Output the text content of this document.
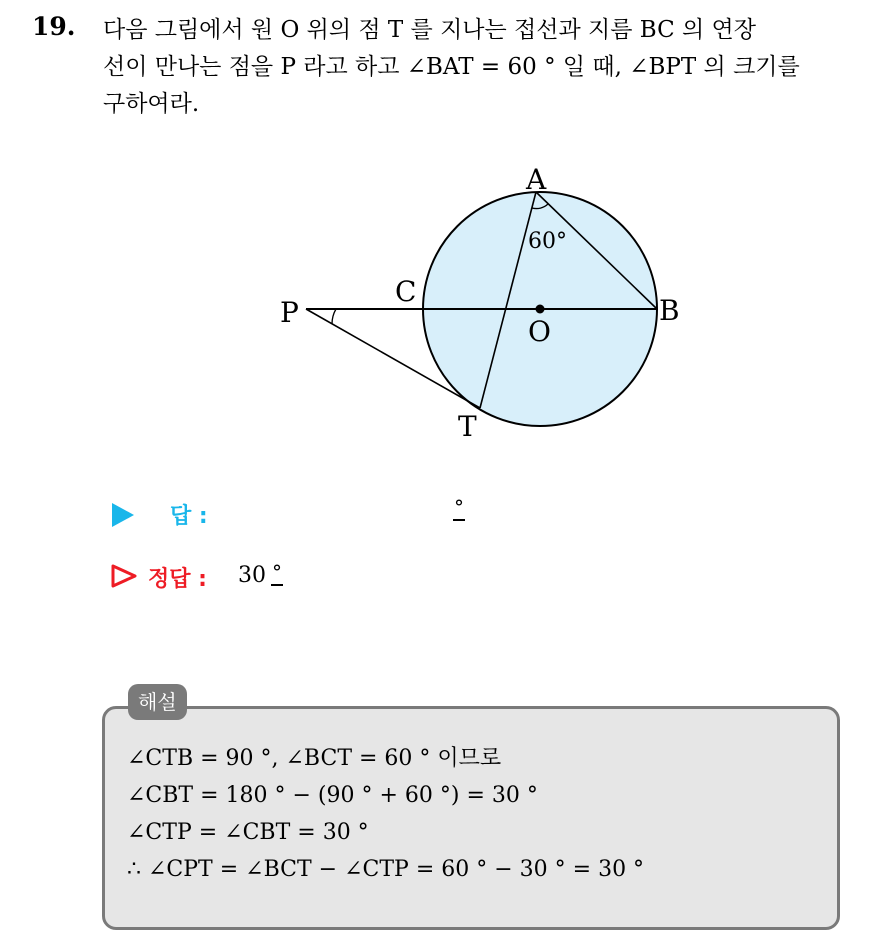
19. 다음 그림에서 원 O 위의 점 T 를 지나는 접선과 지름 BC 의 연장
선이 만나는 점을 P 라고 하고 ∠BAT = 60 ° 일 때, ∠BPT 의 크기를
구하여라.
A
B
C
O
P
T
60°
답 :	°
정답 : 30 °
해설
∠CTB = 90 °, ∠BCT = 60 ° 이므로
∠CBT = 180 ° − (90 ° + 60 °) = 30 °
∠CTP = ∠CBT = 30 °
∴ ∠CPT = ∠BCT − ∠CTP = 60 ° − 30 ° = 30 °
